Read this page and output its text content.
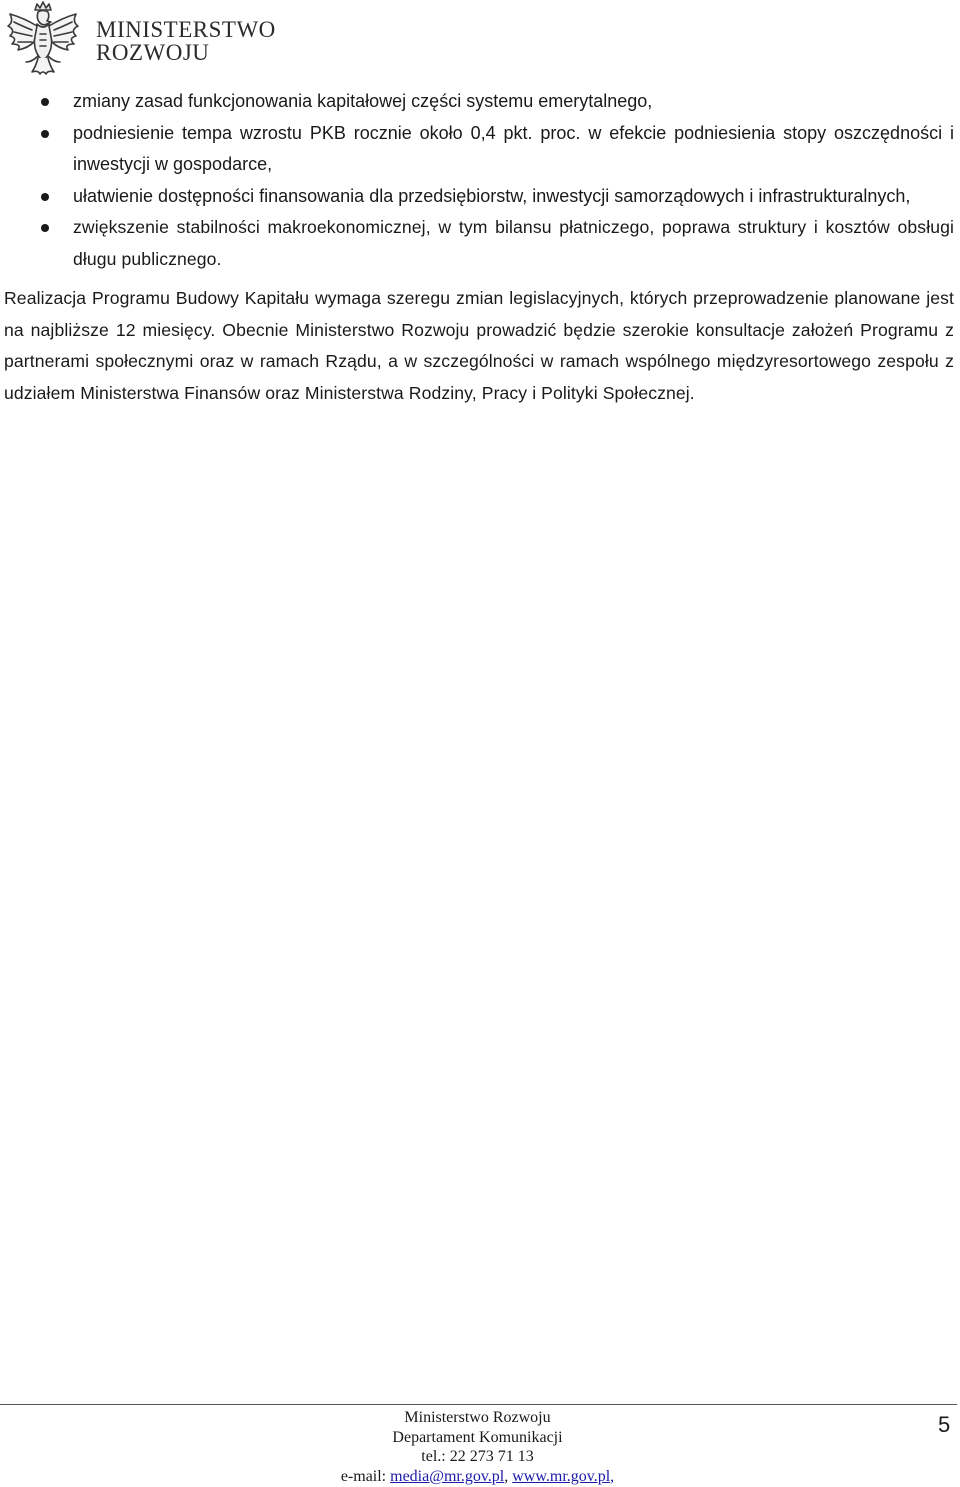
MINISTERSTWO
ROZWOJU
zmiany zasad funkcjonowania kapitałowej części systemu emerytalnego,
podniesienie tempa wzrostu PKB rocznie około 0,4 pkt. proc. w efekcie podniesienia stopy oszczędności i inwestycji w gospodarce,
ułatwienie dostępności finansowania dla przedsiębiorstw, inwestycji samorządowych i infrastrukturalnych,
zwiększenie stabilności makroekonomicznej, w tym bilansu płatniczego, poprawa struktury i kosztów obsługi długu publicznego.

Realizacja Programu Budowy Kapitału wymaga szeregu zmian legislacyjnych, których przeprowadzenie planowane jest na najbliższe 12 miesięcy. Obecnie Ministerstwo Rozwoju prowadzić będzie szerokie konsultacje założeń Programu z partnerami społecznymi oraz w ramach Rządu, a w szczególności w ramach wspólnego międzyresortowego zespołu z udziałem Ministerstwa Finansów oraz Ministerstwa Rodziny, Pracy i Polityki Społecznej.

Ministerstwo Rozwoju
Departament Komunikacji
tel.: 22 273 71 13
e-mail: media@mr.gov.pl, www.mr.gov.pl,
5
